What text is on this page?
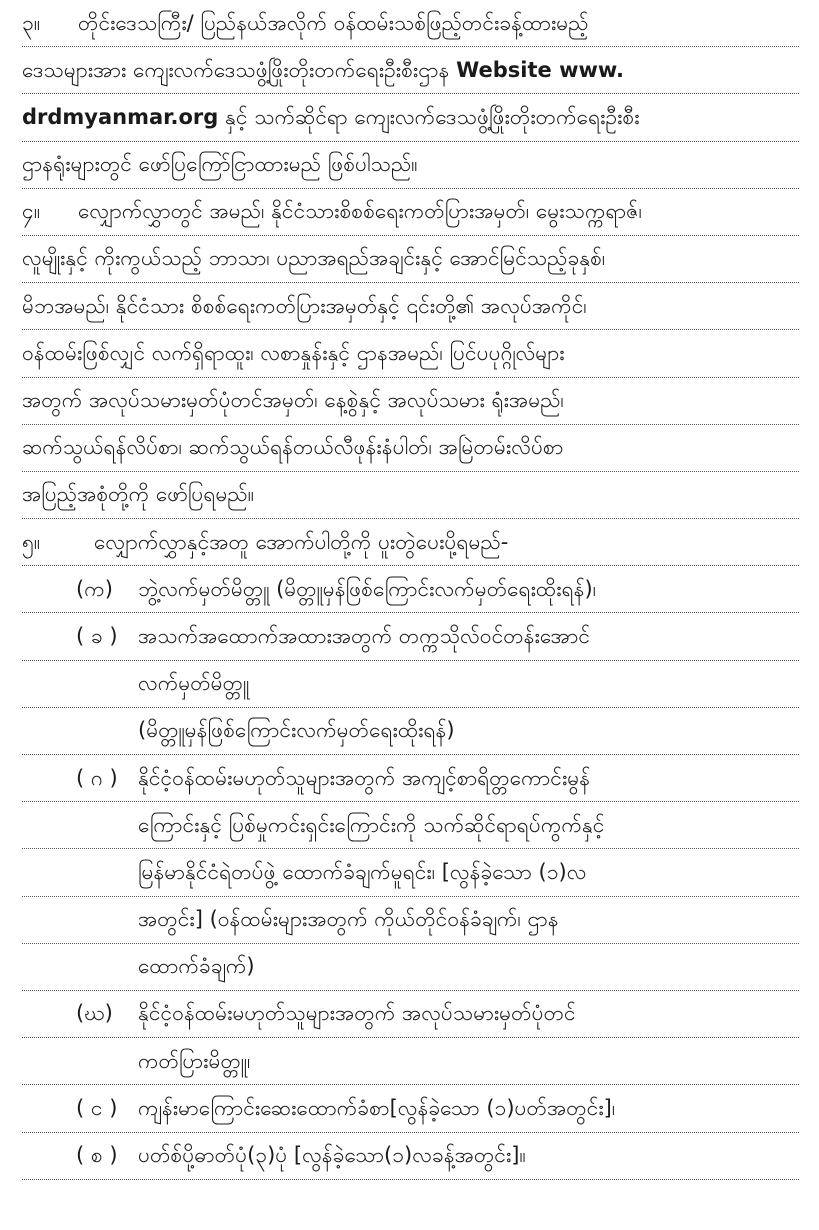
၃။	တိုင်းဒေသကြီး/ ပြည်နယ်အလိုက် ဝန်ထမ်းသစ်ဖြည့်တင်းခန့်ထားမည့်
ဒေသများအား ကျေးလက်ဒေသဖွံ့ဖြိုးတိုးတက်ရေးဦးစီးဌာန Website www.
drdmyanmar.org နှင့် သက်ဆိုင်ရာ ကျေးလက်ဒေသဖွံ့ဖြိုးတိုးတက်ရေးဦးစီး
ဌာနရုံးများတွင် ဖော်ပြကြော်ငြာထားမည် ဖြစ်ပါသည်။
၄။	လျှောက်လွှာတွင် အမည်၊ နိုင်ငံသားစိစစ်ရေးကတ်ပြားအမှတ်၊ မွေးသက္ကရာဇ်၊
လူမျိုးနှင့် ကိုးကွယ်သည့် ဘာသာ၊ ပညာအရည်အချင်းနှင့် အောင်မြင်သည့်ခုနှစ်၊
မိဘအမည်၊ နိုင်ငံသား စိစစ်ရေးကတ်ပြားအမှတ်နှင့် ၎င်းတို့၏ အလုပ်အကိုင်၊
ဝန်ထမ်းဖြစ်လျှင် လက်ရှိရာထူး၊ လစာနှုန်းနှင့် ဌာနအမည်၊ ပြင်ပပုဂ္ဂိုလ်များ
အတွက် အလုပ်သမားမှတ်ပုံတင်အမှတ်၊ နေ့စွဲနှင့် အလုပ်သမား ရုံးအမည်၊
ဆက်သွယ်ရန်လိပ်စာ၊ ဆက်သွယ်ရန်တယ်လီဖုန်းနံပါတ်၊ အမြဲတမ်းလိပ်စာ
အပြည့်အစုံတို့ကို ဖော်ပြရမည်။
၅။	လျှောက်လွှာနှင့်အတူ အောက်ပါတို့ကို ပူးတွဲပေးပို့ရမည်-
(က)	ဘွဲ့လက်မှတ်မိတ္တူ (မိတ္တူမှန်ဖြစ်ကြောင်းလက်မှတ်ရေးထိုးရန်)၊
( ခ ) အသက်အထောက်အထားအတွက် တက္ကသိုလ်ဝင်တန်းအောင်
လက်မှတ်မိတ္တူ
(မိတ္တူမှန်ဖြစ်ကြောင်းလက်မှတ်ရေးထိုးရန်)
( ဂ ) နိုင်ငံ့ဝန်ထမ်းမဟုတ်သူများအတွက် အကျင့်စာရိတ္တကောင်းမွန်
ကြောင်းနှင့် ပြစ်မှုကင်းရှင်းကြောင်းကို သက်ဆိုင်ရာရပ်ကွက်နှင့်
မြန်မာနိုင်ငံရဲတပ်ဖွဲ့ ထောက်ခံချက်မူရင်း၊ [လွန်ခဲ့သော (၁)လ
အတွင်း] (ဝန်ထမ်းများအတွက် ကိုယ်တိုင်ဝန်ခံချက်၊ ဌာန
ထောက်ခံချက်)
(ဃ)	နိုင်ငံ့ဝန်ထမ်းမဟုတ်သူများအတွက် အလုပ်သမားမှတ်ပုံတင်
ကတ်ပြားမိတ္တူ၊
( င ) ကျန်းမာကြောင်းဆေးထောက်ခံစာ[လွန်ခဲ့သော (၁)ပတ်အတွင်း]၊
( စ ) ပတ်စ်ပို့ဓာတ်ပုံ(၃)ပုံ [လွန်ခဲ့သော(၁)လခန့်အတွင်း]။
